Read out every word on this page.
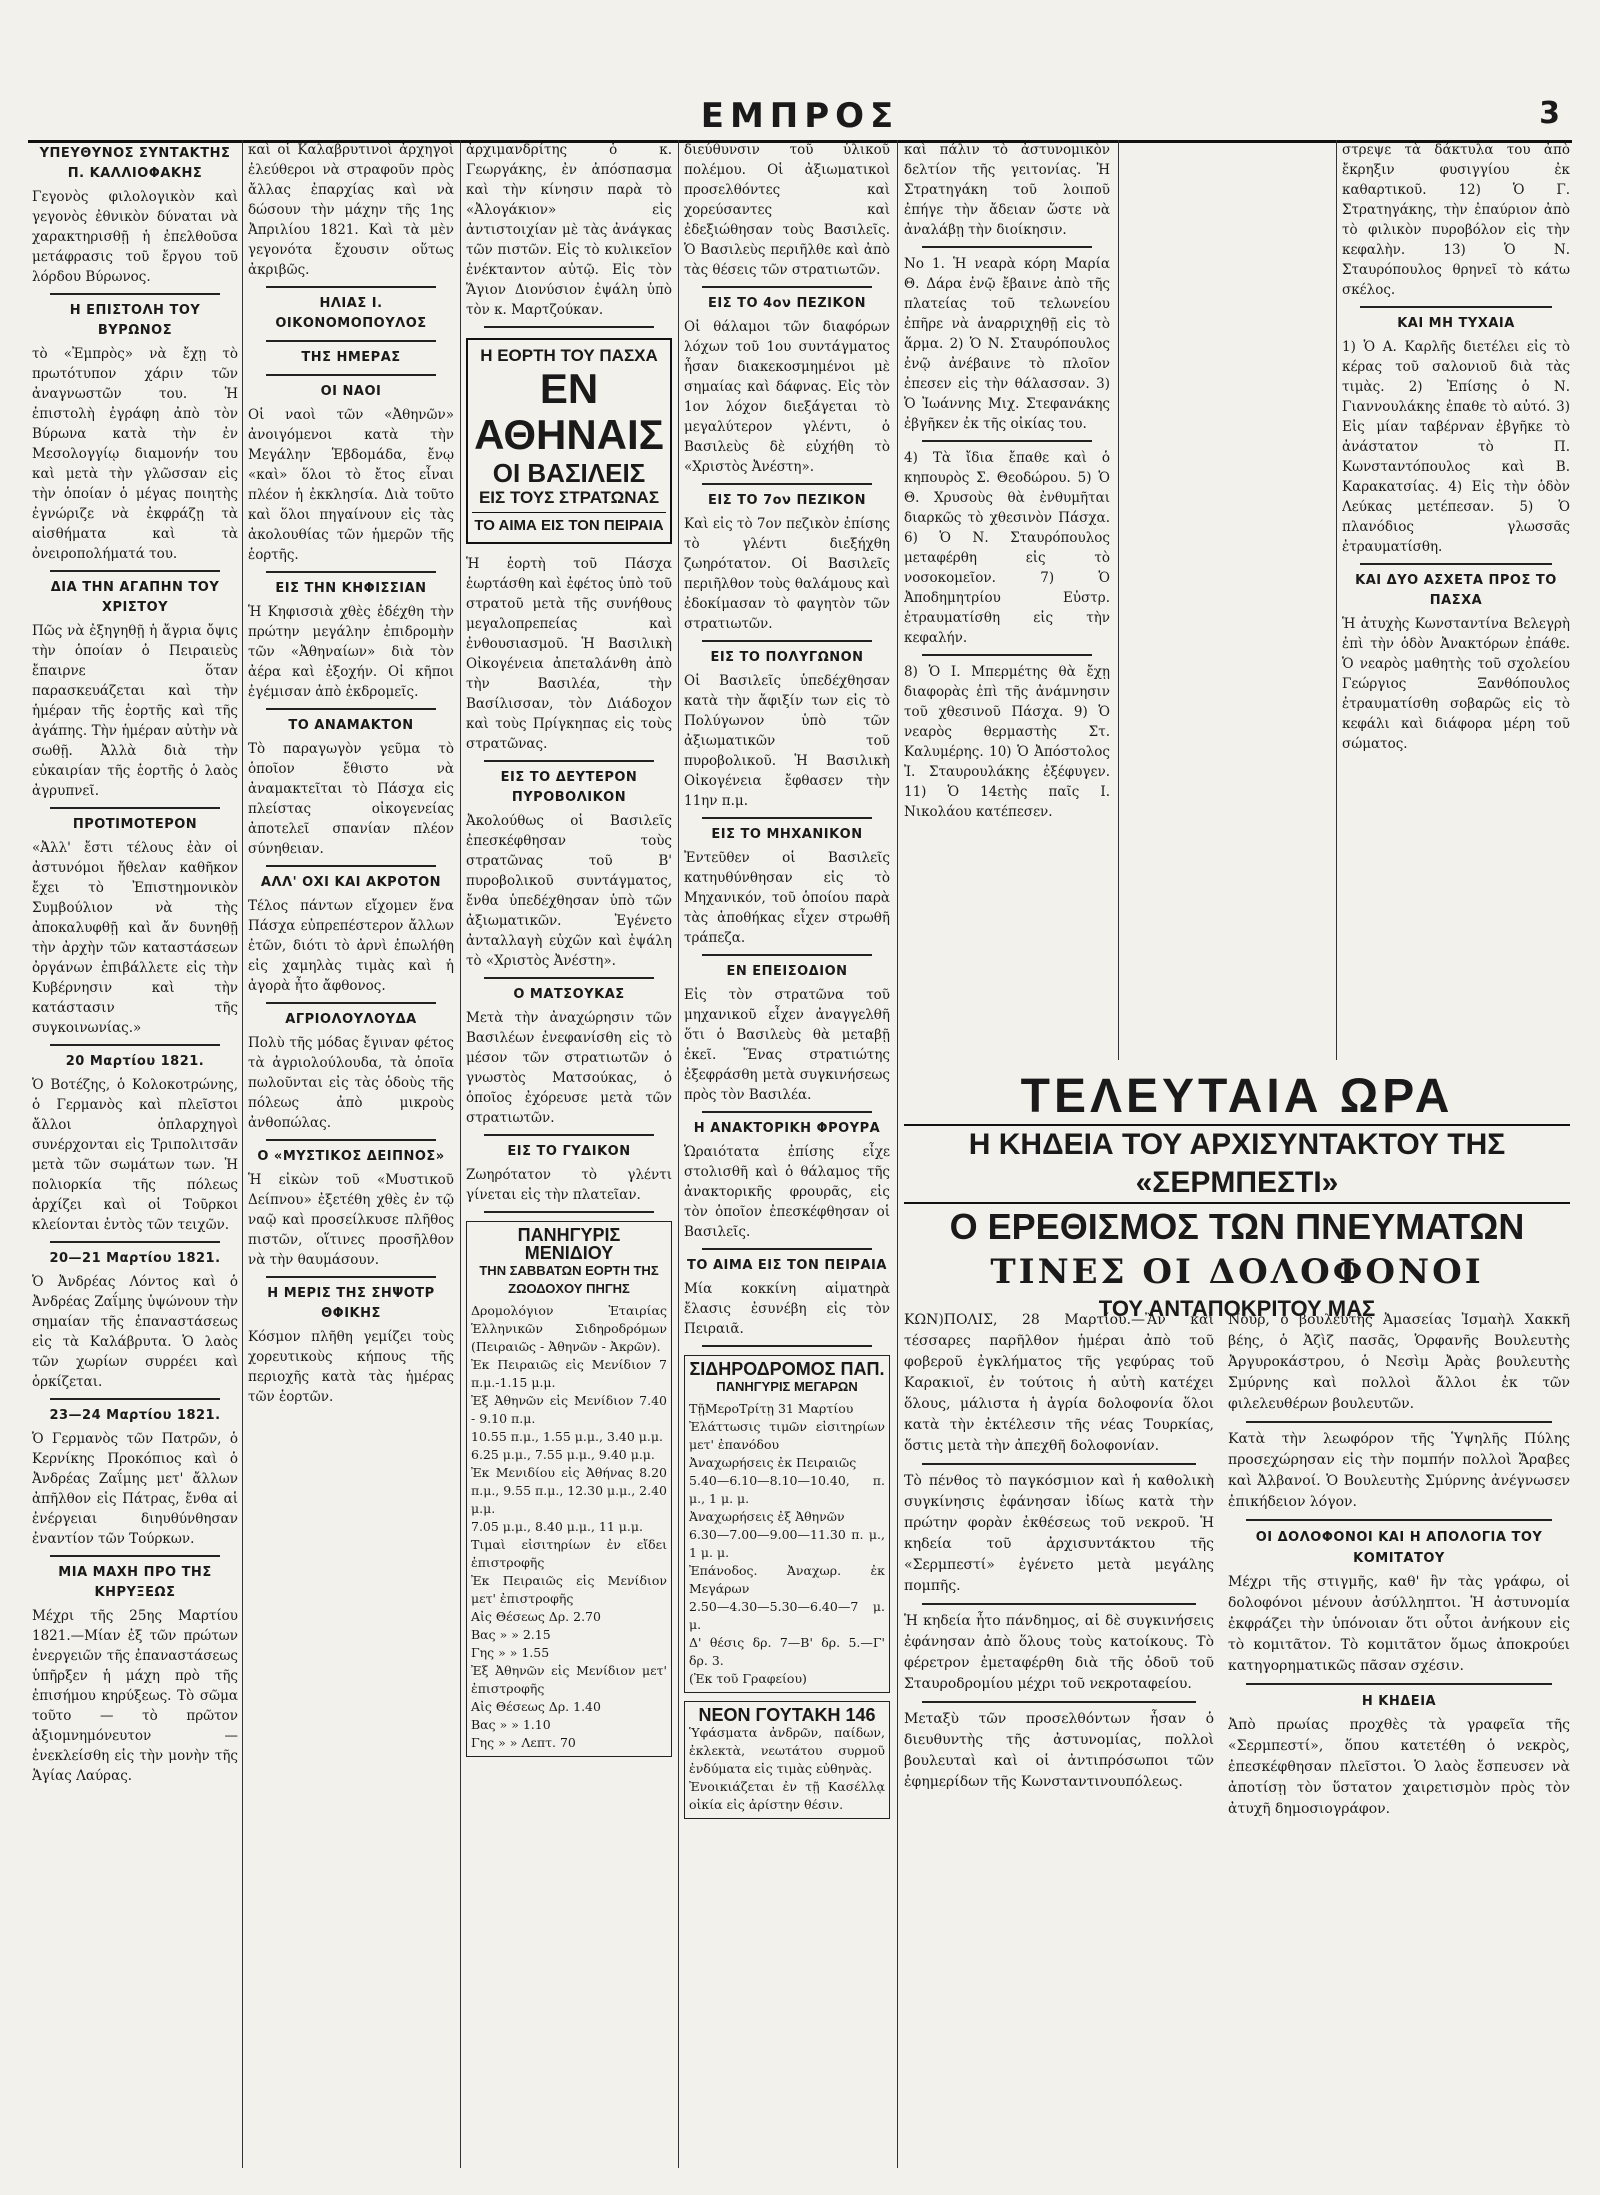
ΕΜΠΡΟΣ	3
ΥΠΕΥΘΥΝΟΣ ΣΥΝΤΑΚΤΗΣ Π. ΚΑΛΛΙΟΦΑΚΗΣ
Γεγονὸς φιλολογικὸν καὶ γεγονὸς ἐθνικὸν δύναται νὰ χαρακτηρισθῇ ἡ ἐπελθοῦσα μετάφρασις τοῦ ἔργου τοῦ λόρδου Βύρωνος.
Η ΕΠΙΣΤΟΛΗ ΤΟΥ ΒΥΡΩΝΟΣ
τὸ «Ἐμπρὸς» νὰ ἔχῃ τὸ πρωτότυπον χάριν τῶν ἀναγνωστῶν του. Ἡ ἐπιστολὴ ἐγράφη ἀπὸ τὸν Βύρωνα κατὰ τὴν ἐν Μεσολογγίῳ διαμονήν του καὶ μετὰ τὴν γλῶσσαν εἰς τὴν ὁποίαν ὁ μέγας ποιητὴς ἐγνώριζε νὰ ἐκφράζῃ τὰ αἰσθήματα καὶ τὰ ὀνειροπολήματά του.
ΔΙΑ ΤΗΝ ΑΓΑΠΗΝ ΤΟΥ ΧΡΙΣΤΟΥ
Πῶς νὰ ἐξηγηθῇ ἡ ἄγρια ὄψις τὴν ὁποίαν ὁ Πειραιεὺς ἔπαιρνε ὅταν παρασκευάζεται καὶ τὴν ἡμέραν τῆς ἑορτῆς καὶ τῆς ἀγάπης. Τὴν ἡμέραν αὐτὴν νὰ σωθῇ. Ἀλλὰ διὰ τὴν εὐκαιρίαν τῆς ἑορτῆς ὁ λαὸς ἀγρυπνεῖ.
ΠΡΟΤΙΜΟΤΕΡΟΝ
«Ἀλλ' ἔστι τέλους ἐὰν οἱ ἀστυνόμοι ἤθελαν καθῆκον ἔχει τὸ Ἐπιστημονικὸν Συμβούλιον νὰ τὴς ἀποκαλυφθῇ καὶ ἄν δυνηθῇ τὴν ἀρχὴν τῶν καταστάσεων ὀργάνων ἐπιβάλλετε εἰς τὴν Κυβέρνησιν καὶ τὴν κατάστασιν τῆς συγκοινωνίας.»
20 Μαρτίου 1821.
Ὁ Βοτέζης, ὁ Κολοκοτρώνης, ὁ Γερμανὸς καὶ πλεῖστοι ἄλλοι ὁπλαρχηγοὶ συνέρχονται εἰς Τριπολιτσᾶν μετὰ τῶν σωμάτων των. Ἡ πολιορκία τῆς πόλεως ἀρχίζει καὶ οἱ Τοῦρκοι κλείονται ἐντὸς τῶν τειχῶν.
20—21 Μαρτίου 1821.
Ὁ Ἀνδρέας Λόντος καὶ ὁ Ἀνδρέας Ζαΐμης ὑψώνουν τὴν σημαίαν τῆς ἐπαναστάσεως εἰς τὰ Καλάβρυτα. Ὁ λαὸς τῶν χωρίων συρρέει καὶ ὁρκίζεται.
23—24 Μαρτίου 1821.
Ὁ Γερμανὸς τῶν Πατρῶν, ὁ Κερνίκης Προκόπιος καὶ ὁ Ἀνδρέας Ζαΐμης μετ' ἄλλων ἀπῆλθον εἰς Πάτρας, ἔνθα αἱ ἐνέργειαι διηυθύνθησαν ἐναντίον τῶν Τούρκων.
ΜΙΑ ΜΑΧΗ ΠΡΟ ΤΗΣ ΚΗΡΥΞΕΩΣ
Μέχρι τῆς 25ης Μαρτίου 1821.—Μίαν ἐξ τῶν πρώτων ἐνεργειῶν τῆς ἐπαναστάσεως ὑπῆρξεν ἡ μάχη πρὸ τῆς ἐπισήμου κηρύξεως. Τὸ σῶμα τοῦτο — τὸ πρῶτον ἀξιομνημόνευτον — ἐνεκλείσθη εἰς τὴν μονὴν τῆς Ἁγίας Λαύρας.
καὶ οἱ Καλαβρυτινοὶ ἀρχηγοὶ ἐλεύθεροι νὰ στραφοῦν πρὸς ἄλλας ἐπαρχίας καὶ νὰ δώσουν τὴν μάχην τῆς 1ης Ἀπριλίου 1821. Καὶ τὰ μὲν γεγονότα ἔχουσιν οὕτως ἀκριβῶς.
ΗΛΙΑΣ Ι. ΟΙΚΟΝΟΜΟΠΟΥΛΟΣ
ΤΗΣ ΗΜΕΡΑΣ
ΟΙ ΝΑΟΙ
Οἱ ναοὶ τῶν «Ἀθηνῶν» ἀνοιγόμενοι κατὰ τὴν Μεγάλην Ἑβδομάδα, ἔνῳ «καὶ» ὅλοι τὸ ἔτος εἶναι πλέον ἡ ἐκκλησία. Διὰ τοῦτο καὶ ὅλοι πηγαίνουν εἰς τὰς ἀκολουθίας τῶν ἡμερῶν τῆς ἑορτῆς.
ΕΙΣ ΤΗΝ ΚΗΦΙΣΣΙΑΝ
Ἡ Κηφισσιὰ χθὲς ἐδέχθη τὴν πρώτην μεγάλην ἐπιδρομὴν τῶν «Ἀθηναίων» διὰ τὸν ἀέρα καὶ ἐξοχήν. Οἱ κῆποι ἐγέμισαν ἀπὸ ἐκδρομεῖς.
ΤΟ ΑΝΑΜΑΚΤΟΝ
Τὸ παραγωγὸν γεῦμα τὸ ὁποῖον ἔθιστο νὰ ἀναμακτεῖται τὸ Πάσχα εἰς πλείστας οἰκογενείας ἀποτελεῖ σπανίαν πλέον σύνηθειαν.
ΑΛΛ' ΟΧΙ ΚΑΙ ΑΚΡΟΤΟΝ
Τέλος πάντων εἴχομεν ἕνα Πάσχα εὐπρεπέστερον ἄλλων ἐτῶν, διότι τὸ ἀρνὶ ἐπωλήθη εἰς χαμηλὰς τιμὰς καὶ ἡ ἀγορὰ ἦτο ἄφθονος.
ΑΓΡΙΟΛΟΥΛΟΥΔΑ
Πολὺ τῆς μόδας ἔγιναν φέτος τὰ ἀγριολούλουδα, τὰ ὁποῖα πωλοῦνται εἰς τὰς ὁδοὺς τῆς πόλεως ἀπὸ μικροὺς ἀνθοπώλας.
Ο «ΜΥΣΤΙΚΟΣ ΔΕΙΠΝΟΣ»
Ἡ εἰκὼν τοῦ «Μυστικοῦ Δείπνου» ἐξετέθη χθὲς ἐν τῷ ναῷ καὶ προσείλκυσε πλῆθος πιστῶν, οἵτινες προσῆλθον νὰ τὴν θαυμάσουν.
Η ΜΕΡΙΣ ΤΗΣ ΣΗΨΟΤΡ ΘΦΙΚΗΣ
Κόσμον πλῆθη γεμίζει τοὺς χορευτικοὺς κήπους τῆς περιοχῆς κατὰ τὰς ἡμέρας τῶν ἑορτῶν.
ἀρχιμανδρίτης ὁ κ. Γεωργάκης, ἐν ἀπόσπασμα καὶ τὴν κίνησιν παρὰ τὸ «Ἀλογάκιον» εἰς ἀντιστοιχίαν μὲ τὰς ἀνάγκας τῶν πιστῶν. Εἰς τὸ κυλικεῖον ἐνέκταντον αὐτῷ. Εἰς τὸν Ἅγιον Διονύσιον ἐψάλη ὑπὸ τὸν κ. Μαρτζούκαν.
Η ΕΟΡΤΗ ΤΟΥ ΠΑΣΧΑ
ΕΝ ΑΘΗΝΑΙΣ
ΟΙ ΒΑΣΙΛΕΙΣ
ΕΙΣ ΤΟΥΣ ΣΤΡΑΤΩΝΑΣ
ΤΟ ΑΙΜΑ ΕΙΣ ΤΟΝ ΠΕΙΡΑΙΑ
Ἡ ἑορτὴ τοῦ Πάσχα ἑωρτάσθη καὶ ἐφέτος ὑπὸ τοῦ στρατοῦ μετὰ τῆς συνήθους μεγαλοπρεπείας καὶ ἐνθουσιασμοῦ. Ἡ Βασιλικὴ Οἰκογένεια ἀπεταλάνθη ἀπὸ τὴν Βασιλέα, τὴν Βασίλισσαν, τὸν Διάδοχον καὶ τοὺς Πρίγκηπας εἰς τοὺς στρατῶνας.
ΕΙΣ ΤΟ ΔΕΥΤΕΡΟΝ ΠΥΡΟΒΟΛΙΚΟΝ
Ἀκολούθως οἱ Βασιλεῖς ἐπεσκέφθησαν τοὺς στρατῶνας τοῦ Β' πυροβολικοῦ συντάγματος, ἔνθα ὑπεδέχθησαν ὑπὸ τῶν ἀξιωματικῶν. Ἐγένετο ἀνταλλαγὴ εὐχῶν καὶ ἐψάλη τὸ «Χριστὸς Ἀνέστη».
Ο ΜΑΤΣΟΥΚΑΣ
Μετὰ τὴν ἀναχώρησιν τῶν Βασιλέων ἐνεφανίσθη εἰς τὸ μέσον τῶν στρατιωτῶν ὁ γνωστὸς Ματσούκας, ὁ ὁποῖος ἐχόρευσε μετὰ τῶν στρατιωτῶν.
ΕΙΣ ΤΟ ΓΥΔΙΚΟΝ
Ζωηρότατον τὸ γλέντι γίνεται εἰς τὴν πλατεῖαν.
ΠΑΝΗΓΥΡΙΣ ΜΕΝΙΔΙΟΥ
ΤΗΝ ΣΑΒΒΑΤΩΝ ΕΟΡΤΗ ΤΗΣ ΖΩΟΔΟΧΟΥ ΠΗΓΗΣ
Δρομολόγιον Ἑταιρίας Ἑλληνικῶν Σιδηροδρόμων (Πειραιῶς - Ἀθηνῶν - Ἀκρῶν).
Ἐκ Πειραιῶς εἰς Μενίδιον 7 π.μ.-1.15 μ.μ.
Ἐξ Ἀθηνῶν εἰς Μενίδιον 7.40 - 9.10 π.μ.
10.55 π.μ., 1.55 μ.μ., 3.40 μ.μ.
6.25 μ.μ., 7.55 μ.μ., 9.40 μ.μ.
Ἐκ Μενιδίου εἰς Ἀθήνας 8.20 π.μ., 9.55 π.μ., 12.30 μ.μ., 2.40 μ.μ.
7.05 μ.μ., 8.40 μ.μ., 11 μ.μ.
Τιμαὶ εἰσιτηρίων ἐν εἴδει ἐπιστροφῆς
Ἐκ Πειραιῶς εἰς Μενίδιον μετ' ἐπιστροφῆς
Αἰς Θέσεως Δρ. 2.70
Βας » » 2.15
Γης » » 1.55
Ἐξ Ἀθηνῶν εἰς Μενίδιον μετ' ἐπιστροφῆς
Αἰς Θέσεως Δρ. 1.40
Βας » » 1.10
Γης » » Λεπτ. 70
διεύθυνσιν τοῦ ὑλικοῦ πολέμου. Οἱ ἀξιωματικοὶ προσελθόντες καὶ χορεύσαντες καὶ ἐδεξιώθησαν τοὺς Βασιλεῖς. Ὁ Βασιλεὺς περιῆλθε καὶ ἀπὸ τὰς θέσεις τῶν στρατιωτῶν.
ΕΙΣ ΤΟ 4ον ΠΕΖΙΚΟΝ
Οἱ θάλαμοι τῶν διαφόρων λόχων τοῦ 1ου συντάγματος ἦσαν διακεκοσμημένοι μὲ σημαίας καὶ δάφνας. Εἰς τὸν 1ον λόχον διεξάγεται τὸ μεγαλύτερον γλέντι, ὁ Βασιλεὺς δὲ εὐχήθη τὸ «Χριστὸς Ἀνέστη».
ΕΙΣ ΤΟ 7ον ΠΕΖΙΚΟΝ
Καὶ εἰς τὸ 7ον πεζικὸν ἐπίσης τὸ γλέντι διεξήχθη ζωηρότατον. Οἱ Βασιλεῖς περιῆλθον τοὺς θαλάμους καὶ ἐδοκίμασαν τὸ φαγητὸν τῶν στρατιωτῶν.
ΕΙΣ ΤΟ ΠΟΛΥΓΩΝΟΝ
Οἱ Βασιλεῖς ὑπεδέχθησαν κατὰ τὴν ἄφιξίν των εἰς τὸ Πολύγωνον ὑπὸ τῶν ἀξιωματικῶν τοῦ πυροβολικοῦ. Ἡ Βασιλικὴ Οἰκογένεια ἔφθασεν τὴν 11ην π.μ.
ΕΙΣ ΤΟ ΜΗΧΑΝΙΚΟΝ
Ἐντεῦθεν οἱ Βασιλεῖς κατηυθύνθησαν εἰς τὸ Μηχανικόν, τοῦ ὁποίου παρὰ τὰς ἀποθήκας εἶχεν στρωθῆ τράπεζα.
ΕΝ ΕΠΕΙΣΟΔΙΟΝ
Εἰς τὸν στρατῶνα τοῦ μηχανικοῦ εἶχεν ἀναγγελθῆ ὅτι ὁ Βασιλεὺς θὰ μεταβῇ ἐκεῖ. Ἕνας στρατιώτης ἐξεφράσθη μετὰ συγκινήσεως πρὸς τὸν Βασιλέα.
Η ΑΝΑΚΤΟΡΙΚΗ ΦΡΟΥΡΑ
Ὡραιότατα ἐπίσης εἶχε στολισθῆ καὶ ὁ θάλαμος τῆς ἀνακτορικῆς φρουρᾶς, εἰς τὸν ὁποῖον ἐπεσκέφθησαν οἱ Βασιλεῖς.
ΤΟ ΑΙΜΑ ΕΙΣ ΤΟΝ ΠΕΙΡΑΙΑ
Μία κοκκίνη αἱματηρὰ ἔλασις ἐσυνέβη εἰς τὸν Πειραιᾶ.
ΣΙΔΗΡΟΔΡΟΜΟΣ ΠΑΠ.
ΠΑΝΗΓΥΡΙΣ ΜΕΓΑΡΩΝ
ΤῇΜεροΤρίτῃ 31 Μαρτίου
Ἐλάττωσις τιμῶν εἰσιτηρίων μετ' ἐπανόδου
Ἀναχωρήσεις ἐκ Πειραιῶς
5.40—6.10—8.10—10.40, π. μ., 1 μ. μ.
Ἀναχωρήσεις ἐξ Ἀθηνῶν
6.30—7.00—9.00—11.30 π. μ., 1 μ. μ.
Ἐπάνοδος. Ἀναχωρ. ἐκ Μεγάρων
2.50—4.30—5.30—6.40—7 μ. μ.
Δ' θέσις δρ. 7—Β' δρ. 5.—Γ' δρ. 3.
(Ἐκ τοῦ Γραφείου)
ΝΕΟΝ ΓΟΥΤΑΚΗ 146
Ὑφάσματα ἀνδρῶν, παίδων, ἐκλεκτὰ, νεωτάτου συρμοῦ ἐνδύματα εἰς τιμὰς εὐθηνὰς.
Ἐνοικιάζεται ἐν τῇ Κασέλλᾳ οἰκία εἰς ἀρίστην θέσιν.
καὶ πάλιν τὸ ἀστυνομικὸν δελτίον τῆς γειτονίας. Ἡ Στρατηγάκη τοῦ λοιποῦ ἐπήγε τὴν ἄδειαν ὥστε νὰ ἀναλάβῃ τὴν διοίκησιν.
Νο 1. Ἡ νεαρὰ κόρη Μαρία Θ. Δάρα ἐνῷ ἔβαινε ἀπὸ τῆς πλατείας τοῦ τελωνείου ἐπῆρε νὰ ἀναρριχηθῇ εἰς τὸ ἅρμα. 2) Ὁ Ν. Σταυρόπουλος ἐνῷ ἀνέβαινε τὸ πλοῖον ἐπεσεν εἰς τὴν θάλασσαν. 3) Ὁ Ἰωάννης Μιχ. Στεφανάκης ἐβγῆκεν ἐκ τῆς οἰκίας του.
4) Τὰ ἴδια ἔπαθε καὶ ὁ κηπουρὸς Σ. Θεοδώρου. 5) Ὁ Θ. Χρυσοὺς θὰ ἐνθυμῆται διαρκῶς τὸ χθεσινὸν Πάσχα. 6) Ὁ Ν. Σταυρόπουλος μεταφέρθη εἰς τὸ νοσοκομεῖον. 7) Ὁ Ἀποδημητρίου Εὐστρ. ἐτραυματίσθη εἰς τὴν κεφαλήν.
8) Ὁ Ι. Μπερμέτης θὰ ἔχῃ διαφορὰς ἐπὶ τῆς ἀνάμνησιν τοῦ χθεσινοῦ Πάσχα. 9) Ὁ νεαρὸς θερμαστὴς Στ. Καλυμέρης. 10) Ὁ Ἀπόστολος Ἰ. Σταυρουλάκης ἐξέφυγεν. 11) Ὁ 14ετὴς παῖς Ι. Νικολάου κατέπεσεν.
στρεψε τὰ δάκτυλα του ἀπὸ ἔκρηξιν φυσιγγίου ἐκ καθαρτικοῦ. 12) Ὁ Γ. Στρατηγάκης, τὴν ἐπαύριον ἀπὸ τὸ φιλικὸν πυροβόλον εἰς τὴν κεφαλὴν. 13) Ὁ Ν. Σταυρόπουλος θρηνεῖ τὸ κάτω σκέλος.
ΚΑΙ ΜΗ ΤΥΧΑΙΑ
1) Ὁ Α. Καρλῆς διετέλει εἰς τὸ κέρας τοῦ σαλονιοῦ διὰ τὰς τιμὰς. 2) Ἐπίσης ὁ Ν. Γιαννουλάκης ἐπαθε τὸ αὐτό. 3) Εἰς μίαν ταβέρναν ἐβγῆκε τὸ ἀνάστατον τὸ Π. Κωνσταντόπουλος καὶ Β. Καρακατσίας. 4) Εἰς τὴν ὁδὸν Λεύκας μετέπεσαν. 5) Ὁ πλανόδιος γλωσσᾶς ἐτραυματίσθη.
ΚΑΙ ΔΥΟ ΑΣΧΕΤΑ ΠΡΟΣ ΤΟ ΠΑΣΧΑ
Ἡ ἀτυχὴς Κωνσταντίνα Βελεγρὴ ἐπὶ τὴν ὁδὸν Ἀνακτόρων ἐπάθε. Ὁ νεαρὸς μαθητὴς τοῦ σχολείου Γεώργιος Ξανθόπουλος ἐτραυματίσθη σοβαρῶς εἰς τὸ κεφάλι καὶ διάφορα μέρη τοῦ σώματος.
ΤΕΛΕΥΤΑΙΑ ΩΡΑ
Η ΚΗΔΕΙΑ ΤΟΥ ΑΡΧΙΣΥΝΤΑΚΤΟΥ ΤΗΣ «ΣΕΡΜΠΕΣΤΙ»
Ο ΕΡΕΘΙΣΜΟΣ ΤΩΝ ΠΝΕΥΜΑΤΩΝ
ΤΙΝΕΣ ΟΙ ΔΟΛΟΦΟΝΟΙ
ΤΟΥ ΑΝΤΑΠΟΚΡΙΤΟΥ ΜΑΣ
ΚΩΝ)ΠΟΛΙΣ, 28 Μαρτίου.—Ἂν καὶ τέσσαρες παρῆλθον ἡμέραι ἀπὸ τοῦ φοβεροῦ ἐγκλήματος τῆς γεφύρας τοῦ Καρακιοϊ, ἐν τούτοις ἡ αὐτὴ κατέχει ὅλους, μάλιστα ἡ ἀγρία δολοφονία ὅλοι κατὰ τὴν ἐκτέλεσιν τῆς νέας Τουρκίας, ὅστις μετὰ τὴν ἀπεχθῆ δολοφονίαν.
Τὸ πένθος τὸ παγκόσμιον καὶ ἡ καθολικὴ συγκίνησις ἐφάνησαν ἰδίως κατὰ τὴν πρώτην φορὰν ἐκθέσεως τοῦ νεκροῦ. Ἡ κηδεία τοῦ ἀρχισυντάκτου τῆς «Σερμπεστί» ἐγένετο μετὰ μεγάλης πομπῆς.
Ἡ κηδεία ἦτο πάνδημος, αἱ δὲ συγκινήσεις ἐφάνησαν ἀπὸ ὅλους τοὺς κατοίκους. Τὸ φέρετρον ἐμεταφέρθη διὰ τῆς ὁδοῦ τοῦ Σταυροδρομίου μέχρι τοῦ νεκροταφείου.
Μεταξὺ τῶν προσελθόντων ἦσαν ὁ διευθυντὴς τῆς ἀστυνομίας, πολλοὶ βουλευταὶ καὶ οἱ ἀντιπρόσωποι τῶν ἐφημερίδων τῆς Κωνσταντινουπόλεως.
Νούρ, ὁ βουλευτὴς Ἀμασείας Ἰσμαὴλ Χακκῆ βέης, ὁ Ἀζὶζ πασᾶς, Ὁρφανῆς Βουλευτὴς Ἀργυροκάστρου, ὁ Νεσὶμ Ἀρὰς βουλευτὴς Σμύρνης καὶ πολλοὶ ἄλλοι ἐκ τῶν φιλελευθέρων βουλευτῶν.
Κατὰ τὴν λεωφόρον τῆς Ὑψηλῆς Πύλης προσεχώρησαν εἰς τὴν πομπήν πολλοὶ Ἄραβες καὶ Ἀλβανοί. Ὁ Βουλευτὴς Σμύρνης ἀνέγνωσεν ἐπικήδειον λόγον.
ΟΙ ΔΟΛΟΦΟΝΟΙ ΚΑΙ Η ΑΠΟΛΟΓΙΑ ΤΟΥ ΚΟΜΙΤΑΤΟΥ
Μέχρι τῆς στιγμῆς, καθ' ἣν τὰς γράφω, οἱ δολοφόνοι μένουν ἀσύλληπτοι. Ἡ ἀστυνομία ἐκφράζει τὴν ὑπόνοιαν ὅτι οὗτοι ἀνήκουν εἰς τὸ κομιτᾶτον. Τὸ κομιτᾶτον ὅμως ἀποκρούει κατηγορηματικῶς πᾶσαν σχέσιν.
Η ΚΗΔΕΙΑ
Ἀπὸ πρωίας προχθὲς τὰ γραφεῖα τῆς «Σερμπεστί», ὅπου κατετέθη ὁ νεκρὸς, ἐπεσκέφθησαν πλεῖστοι. Ὁ λαὸς ἔσπευσεν νὰ ἀποτίσῃ τὸν ὕστατον χαιρετισμὸν πρὸς τὸν ἀτυχῆ δημοσιογράφον.
